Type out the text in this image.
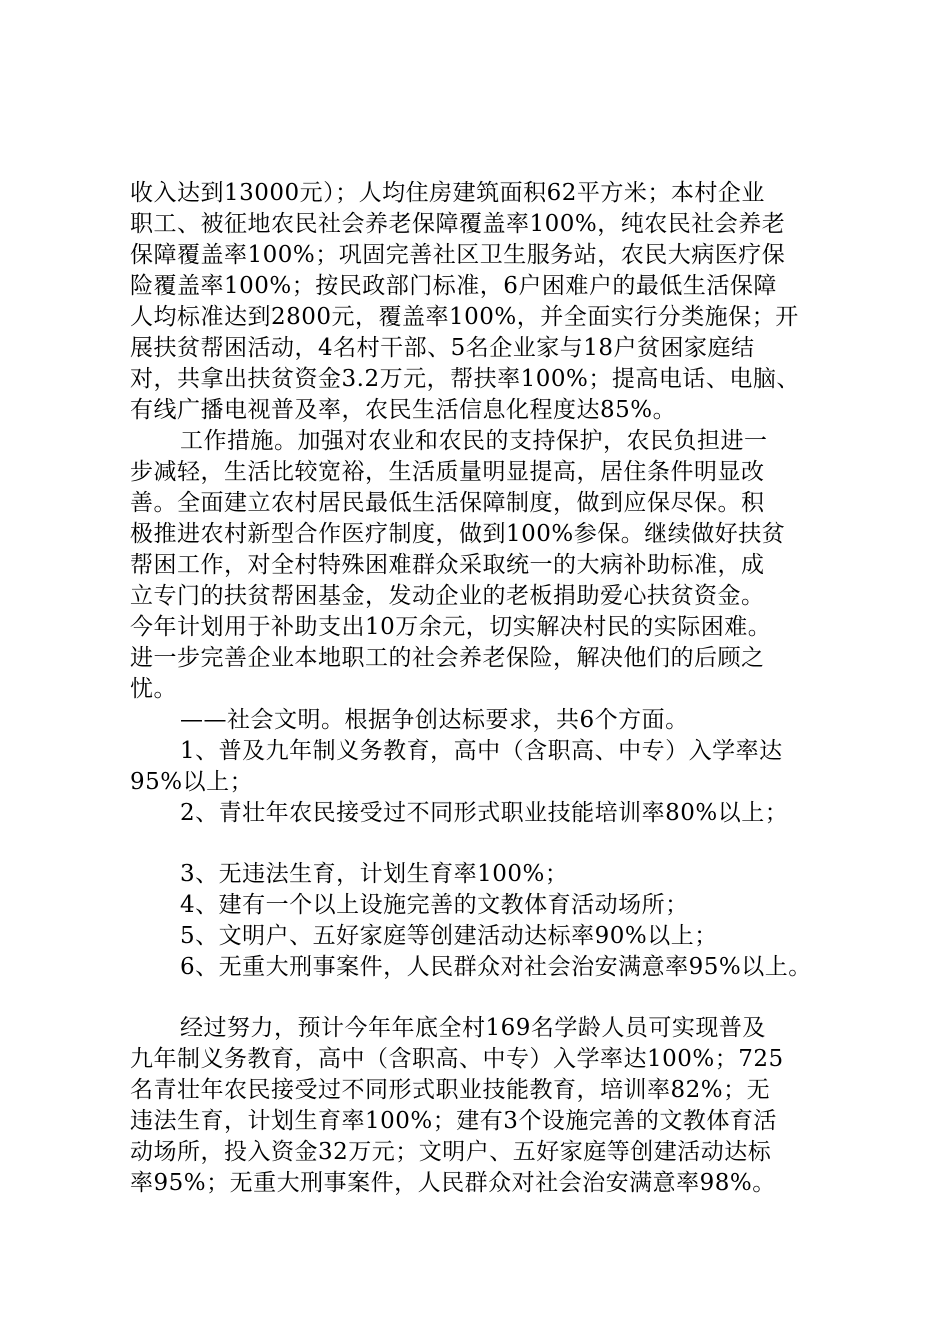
收入达到13000元）；人均住房建筑面积62平方米；本村企业
职工、被征地农民社会养老保障覆盖率100%，纯农民社会养老
保障覆盖率100%；巩固完善社区卫生服务站，农民大病医疗保
险覆盖率100%；按民政部门标准，6户困难户的最低生活保障
人均标准达到2800元，覆盖率100%，并全面实行分类施保；开
展扶贫帮困活动，4名村干部、5名企业家与18户贫困家庭结
对，共拿出扶贫资金3.2万元，帮扶率100%；提高电话、电脑、
有线广播电视普及率，农民生活信息化程度达85%。
工作措施。加强对农业和农民的支持保护，农民负担进一
步减轻，生活比较宽裕，生活质量明显提高，居住条件明显改
善。全面建立农村居民最低生活保障制度，做到应保尽保。积
极推进农村新型合作医疗制度，做到100%参保。继续做好扶贫
帮困工作，对全村特殊困难群众采取统一的大病补助标准，成
立专门的扶贫帮困基金，发动企业的老板捐助爱心扶贫资金。
今年计划用于补助支出10万余元，切实解决村民的实际困难。
进一步完善企业本地职工的社会养老保险，解决他们的后顾之
忧。
——社会文明。根据争创达标要求，共6个方面。
1、普及九年制义务教育，高中（含职高、中专）入学率达
95%以上；
2、青壮年农民接受过不同形式职业技能培训率80%以上；
3、无违法生育，计划生育率100%；
4、建有一个以上设施完善的文教体育活动场所；
5、文明户、五好家庭等创建活动达标率90%以上；
6、无重大刑事案件，人民群众对社会治安满意率95%以上。
经过努力，预计今年年底全村169名学龄人员可实现普及
九年制义务教育，高中（含职高、中专）入学率达100%；725
名青壮年农民接受过不同形式职业技能教育，培训率82%；无
违法生育，计划生育率100%；建有3个设施完善的文教体育活
动场所，投入资金32万元；文明户、五好家庭等创建活动达标
率95%；无重大刑事案件，人民群众对社会治安满意率98%。
